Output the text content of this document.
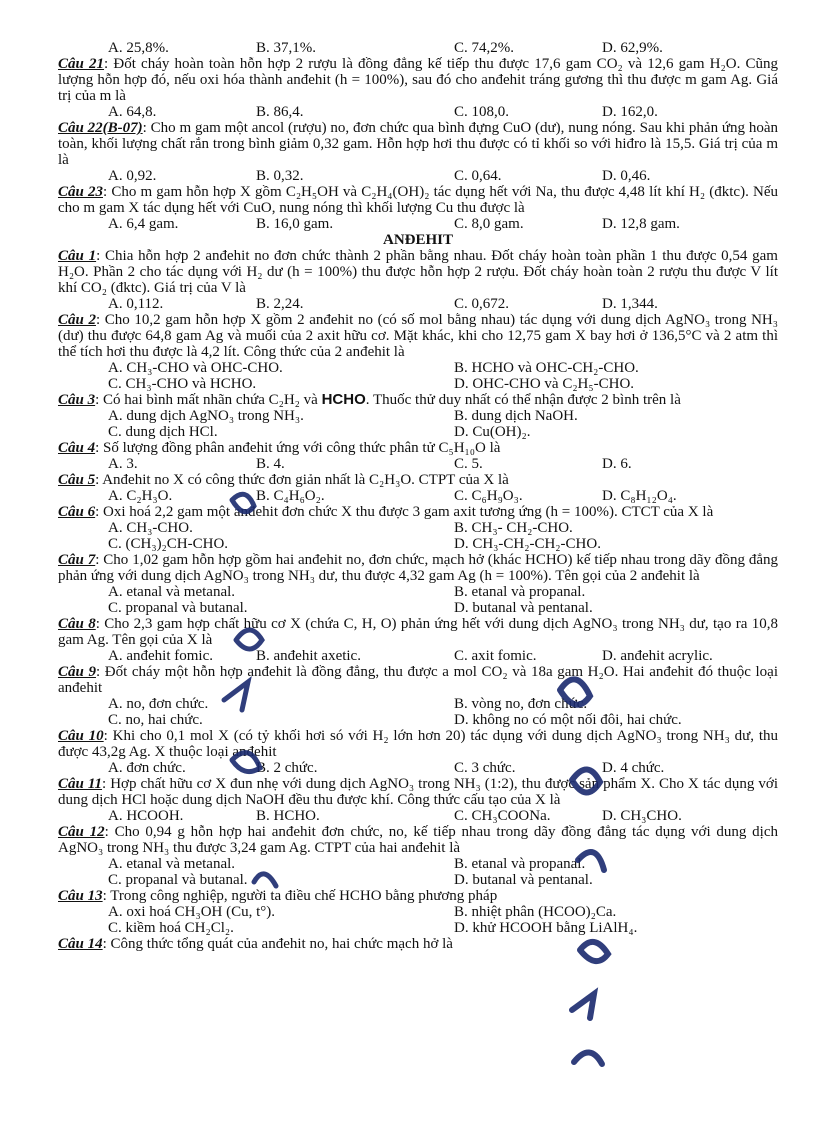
A. 25,8%.	B. 37,1%.	C. 74,2%.	D. 62,9%.

Câu 21: Đốt cháy hoàn toàn hỗn hợp 2 rượu là đồng đẳng kế tiếp thu được 17,6 gam CO₂ và 12,6 gam H₂O. Cũng lượng hỗn hợp đó, nếu oxi hóa thành anđehit (h = 100%), sau đó cho anđehit tráng gương thì thu được m gam Ag. Giá trị của m là

A. 64,8.	B. 86,4.	C. 108,0.	D. 162,0.

Câu 22(B-07): Cho m gam một ancol (rượu) no, đơn chức qua bình đựng CuO (dư), nung nóng. Sau khi phản ứng hoàn toàn, khối lượng chất rắn trong bình giảm 0,32 gam. Hỗn hợp hơi thu được có tỉ khối so với hiđro là 15,5. Giá trị của m là

A. 0,92.	B. 0,32.	C. 0,64.	D. 0,46.

Câu 23: Cho m gam hỗn hợp X gồm C₂H₅OH và C₂H₄(OH)₂ tác dụng hết với Na, thu được 4,48 lít khí H₂ (đktc). Nếu cho m gam X tác dụng hết với CuO, nung nóng thì khối lượng Cu thu được là

A. 6,4 gam.	B. 16,0 gam.	C. 8,0 gam.	D. 12,8 gam.

ANĐEHIT

Câu 1: Chia hỗn hợp 2 anđehit no đơn chức thành 2 phần bằng nhau. Đốt cháy hoàn toàn phần 1 thu được 0,54 gam H₂O. Phần 2 cho tác dụng với H₂ dư (h = 100%) thu được hỗn hợp 2 rượu. Đốt cháy hoàn toàn 2 rượu thu được V lít khí CO₂ (đktc). Giá trị của V là

A. 0,112.	B. 2,24.	C. 0,672.	D. 1,344.

Câu 2: Cho 10,2 gam hỗn hợp X gồm 2 anđehit no (có số mol bằng nhau) tác dụng với dung dịch AgNO₃ trong NH₃ (dư) thu được 64,8 gam Ag và muối của 2 axit hữu cơ. Mặt khác, khi cho 12,75 gam X bay hơi ở 136,5°C và 2 atm thì thể tích hơi thu được là 4,2 lít. Công thức của 2 anđehit là

A. CH₃-CHO và OHC-CHO.	B. HCHO và OHC-CH₂-CHO.
C. CH₃-CHO và HCHO.	D. OHC-CHO và C₂H₅-CHO.

Câu 3: Có hai bình mất nhãn chứa C₂H₂ và HCHO. Thuốc thử duy nhất có thể nhận được 2 bình trên là

A. dung dịch AgNO₃ trong NH₃.	B. dung dịch NaOH.
C. dung dịch HCl.	D. Cu(OH)₂.

Câu 4: Số lượng đồng phân anđehit ứng với công thức phân tử C₅H₁₀O là

A. 3.	B. 4.	C. 5.	D. 6.

Câu 5: Anđehit no X có công thức đơn giản nhất là C₂H₃O. CTPT của X là

A. C₂H₃O.	B. C₄H₆O₂.	C. C₆H₉O₃.	D. C₈H₁₂O₄.

Câu 6: Oxi hoá 2,2 gam một anđehit đơn chức X thu được 3 gam axit tương ứng (h = 100%). CTCT của X là

A. CH₃-CHO.	B. CH₃- CH₂-CHO.
C. (CH₃)₂CH-CHO.	D. CH₃-CH₂-CH₂-CHO.

Câu 7: Cho 1,02 gam hỗn hợp gồm hai anđehit no, đơn chức, mạch hở (khác HCHO) kế tiếp nhau trong dãy đồng đẳng phản ứng với dung dịch AgNO₃ trong NH₃ dư, thu được 4,32 gam Ag (h = 100%). Tên gọi của 2 anđehit là

A. etanal và metanal.	B. etanal và propanal.
C. propanal và butanal.	D. butanal và pentanal.

Câu 8: Cho 2,3 gam hợp chất hữu cơ X (chứa C, H, O) phản ứng hết với dung dịch AgNO₃ trong NH₃ dư, tạo ra 10,8 gam Ag. Tên gọi của X là

A. anđehit fomic.	B. anđehit axetic.	C. axit fomic.	D. anđehit acrylic.

Câu 9: Đốt cháy một hỗn hợp anđehit là đồng đẳng, thu được a mol CO₂ và 18a gam H₂O. Hai anđehit đó thuộc loại anđehit

A. no, đơn chức.	B. vòng no, đơn chức.
C. no, hai chức.	D. không no có một nối đôi, hai chức.

Câu 10: Khi cho 0,1 mol X (có tỷ khối hơi só với H₂ lớn hơn 20) tác dụng với dung dịch AgNO₃ trong NH₃ dư, thu được 43,2g Ag. X thuộc loại anđehit

A. đơn chức.	B. 2 chức.	C. 3 chức.	D. 4 chức.

Câu 11: Hợp chất hữu cơ X đun nhẹ với dung dịch AgNO₃ trong NH₃ (1:2), thu được sản phẩm X. Cho X tác dụng với dung dịch HCl hoặc dung dịch NaOH đều thu được khí. Công thức cấu tạo của X là

A. HCOOH.	B. HCHO.	C. CH₃COONa.	D. CH₃CHO.

Câu 12: Cho 0,94 g hỗn hợp hai anđehit đơn chức, no, kế tiếp nhau trong dãy đồng đẳng tác dụng với dung dịch AgNO₃ trong NH₃ thu được 3,24 gam Ag. CTPT của hai anđehit là

A. etanal và metanal.	B. etanal và propanal.
C. propanal và butanal.	D. butanal và pentanal.

Câu 13: Trong công nghiệp, người ta điều chế HCHO bằng phương pháp

A. oxi hoá CH₃OH (Cu, t°).	B. nhiệt phân (HCOO)₂Ca.
C. kiềm hoá CH₂Cl₂.	D. khử HCOOH bằng LiAlH₄.

Câu 14: Công thức tổng quát của anđehit no, hai chức mạch hở là
